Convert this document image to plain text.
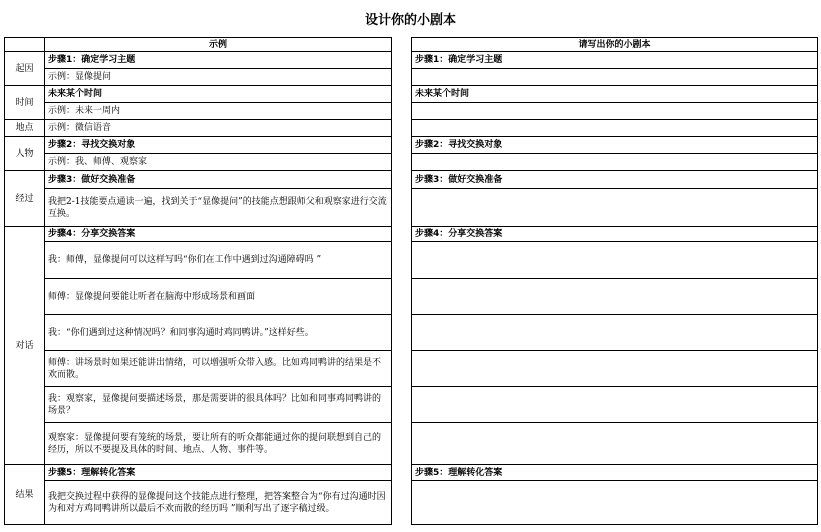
设计你的小剧本
	示例		请写出你的小剧本
起因	步骤1：确定学习主题		步骤1：确定学习主题
	示例：显像提问		
时间	未来某个时间		未来某个时间
	示例：未来一周内		
地点	示例：微信语音		
人物	步骤2：寻找交换对象		步骤2：寻找交换对象
	示例：我、师傅、观察家		
经过	步骤3：做好交换准备		步骤3：做好交换准备
	我把2-1技能要点通读一遍，找到关于“显像提问”的技能点想跟师父和观察家进行交流互换。		
对话	步骤4：分享交换答案		步骤4：分享交换答案
	我：师傅，显像提问可以这样写吗“你们在工作中遇到过沟通障碍吗 ”		
	师傅：显像提问要能让听者在脑海中形成场景和画面		
	我：“你们遇到过这种情况吗？和同事沟通时鸡同鸭讲。”这样好些。		
	师傅：讲场景时如果还能讲出情绪，可以增强听众带入感。比如鸡同鸭讲的结果是不欢而散。		
	我：观察家，显像提问要描述场景，那是需要讲的很具体吗？比如和同事鸡同鸭讲的场景？		
	观察家：显像提问要有笼统的场景，要让所有的听众都能通过你的提问联想到自己的经历，所以不要提及具体的时间、地点、人物、事件等。		
结果	步骤5：理解转化答案		步骤5：理解转化答案
	我把交换过程中获得的显像提问这个技能点进行整理，把答案整合为“你有过沟通时因为和对方鸡同鸭讲所以最后不欢而散的经历吗 ”顺利写出了逐字稿过级。		
